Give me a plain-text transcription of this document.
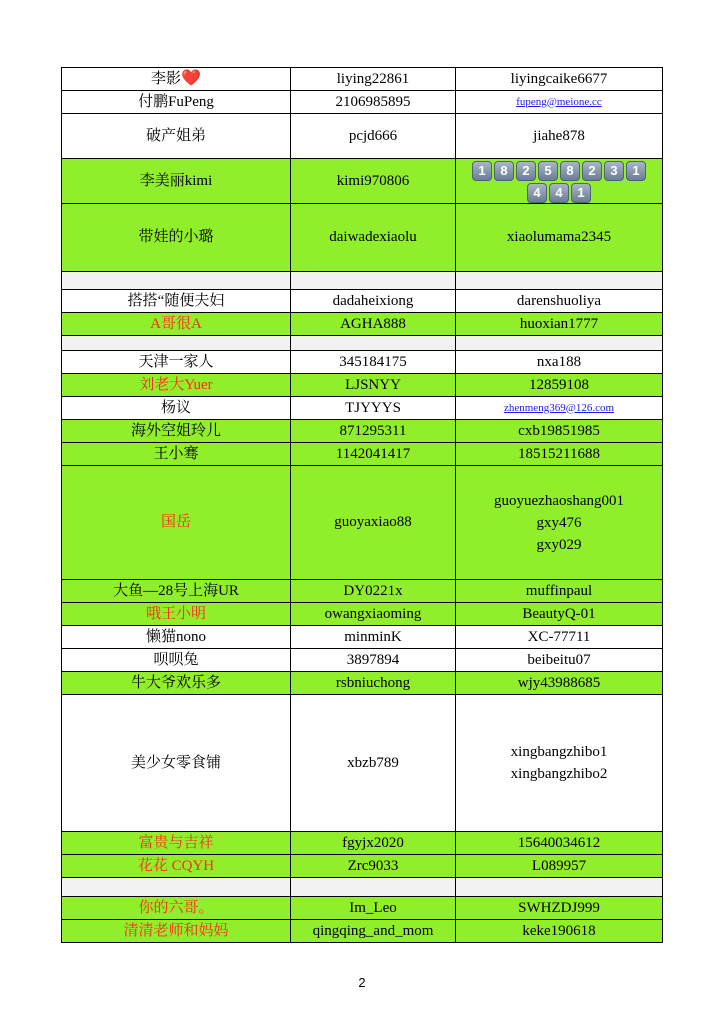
李影❤️	liying22861	liyingcaike6677
付鹏FuPeng	2106985895	fupeng@meione.cc
破产姐弟	pcjd666	jiahe878
李美丽kimi	kimi970806	1 8 2 5 8 2 3 14 4 1
带娃的小璐	daiwadexiaolu	xiaolumama2345

搭搭“随便夫妇	dadaheixiong	darenshuoliya
A哥很A	AGHA888	huoxian1777

天津一家人	345184175	nxa188
刘老大Yuer	LJSNYY	12859108
杨议	TJYYYS	zhenmeng369@126.com
海外空姐玲儿	871295311	cxb19851985
王小骞	1142041417	18515211688
国岳	guoyaxiao88	guoyuezhaoshang001
gxy476
gxy029

大鱼—28号上海UR	DY0221x	muffinpaul
哦王小明	owangxiaoming	BeautyQ-01
懒猫nono	minminK	XC-77711
呗呗兔	3897894	beibeitu07
牛大爷欢乐多	rsbniuchong	wjy43988685
美少女零食铺	xbzb789	xingbangzhibo1
xingbangzhibo2

富贵与吉祥	fgyjx2020	15640034612
花花 CQYH	Zrc9033	L089957

你的六哥。	Im_Leo	SWHZDJ999
清清老师和妈妈	qingqing_and_mom	keke190618
2
